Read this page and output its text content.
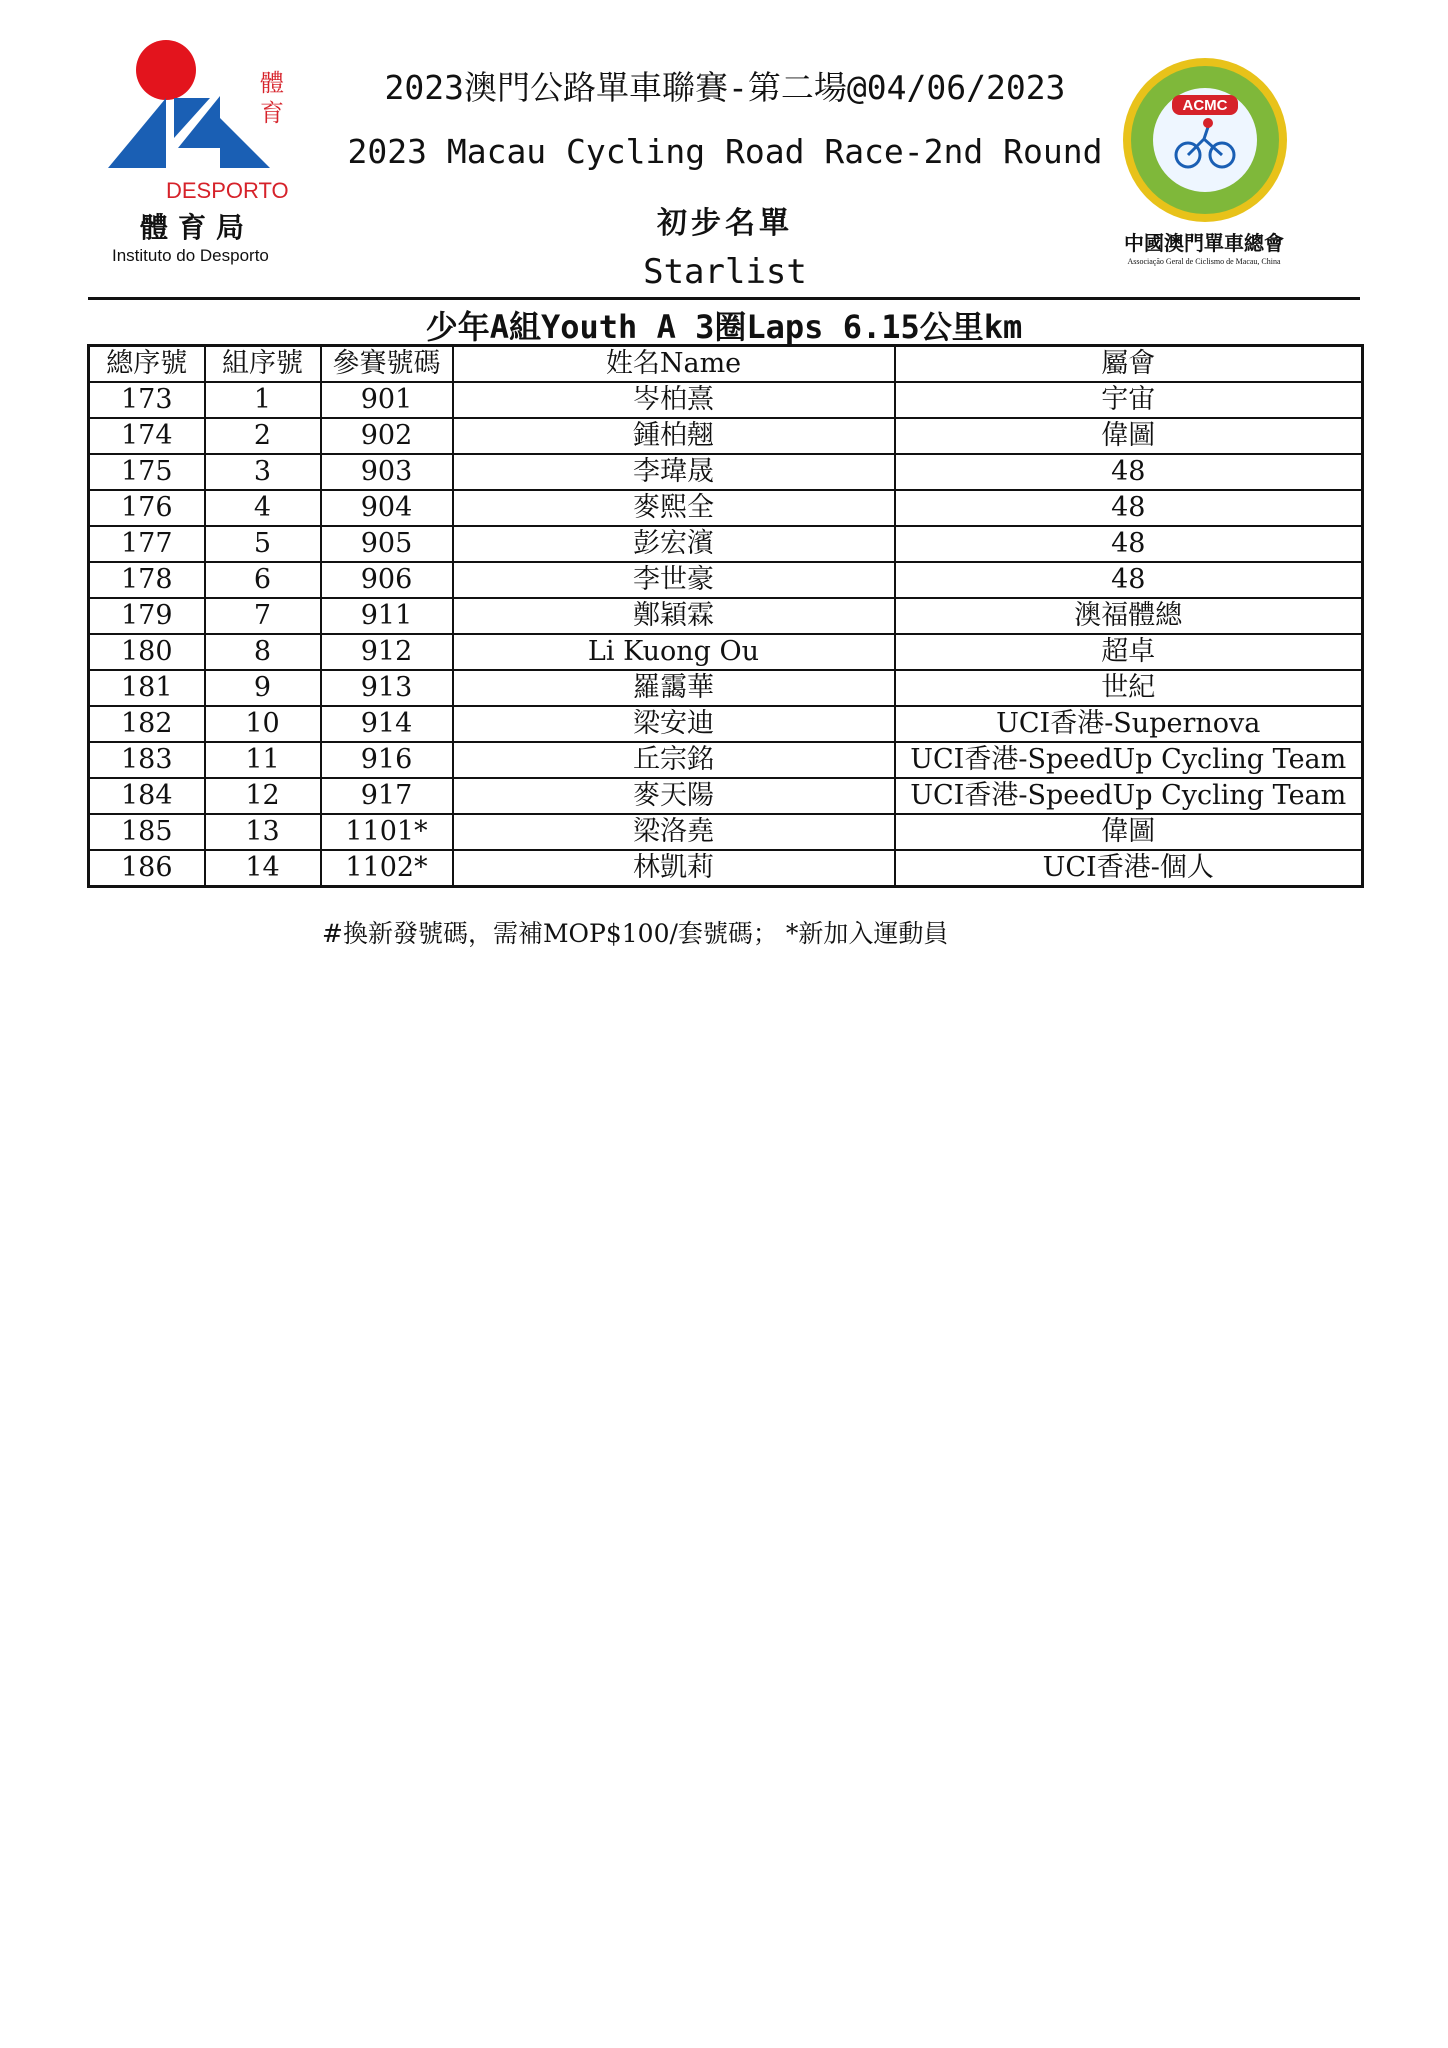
體
育
DESPORTO
體育局
Instituto do Desporto
2023澳門公路單車聯賽-第二場@04/06/2023
2023 Macau Cycling Road Race-2nd Round
初步名單
Starlist
ACMC
中國澳門單車總會
Associação Geral de Ciclismo de Macau, China
少年A組Youth A 3圈Laps 6.15公里km
總序號	組序號	參賽號碼	姓名Name	屬會
173	1	901	岑柏熹	宇宙
174	2	902	鍾柏翹	偉圖
175	3	903	李瑋晟	48
176	4	904	麥熙全	48
177	5	905	彭宏濱	48
178	6	906	李世豪	48
179	7	911	鄭穎霖	澳福體總
180	8	912	Li Kuong Ou	超卓
181	9	913	羅靄華	世紀
182	10	914	梁安迪	UCI香港-Supernova
183	11	916	丘宗銘	UCI香港-SpeedUp Cycling Team
184	12	917	麥天陽	UCI香港-SpeedUp Cycling Team
185	13	1101*	梁洛堯	偉圖
186	14	1102*	林凱莉	UCI香港-個人
#換新發號碼，需補MOP$100/套號碼； *新加入運動員
